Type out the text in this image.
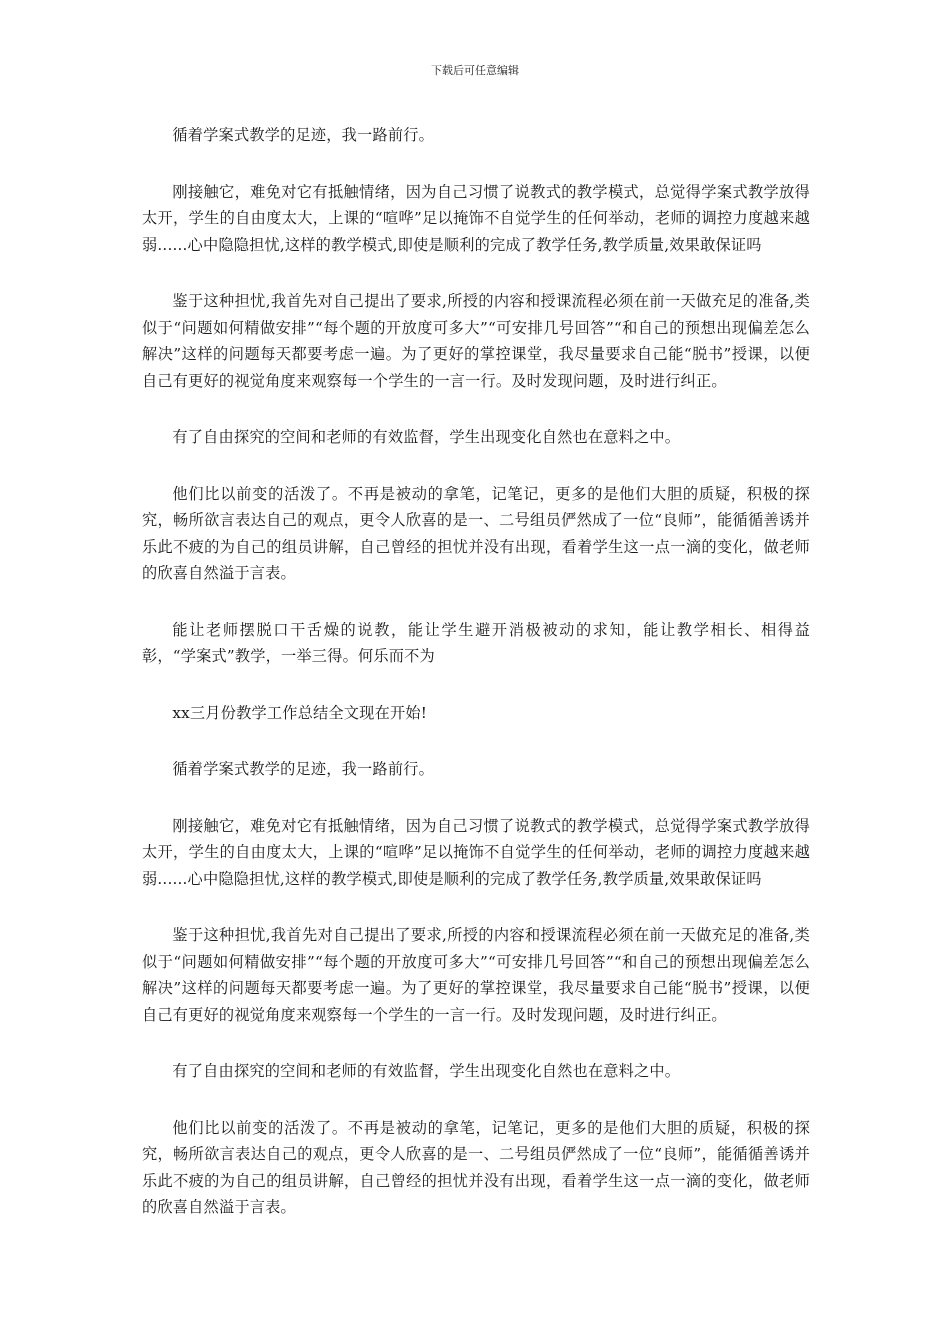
下载后可任意编辑

循着学案式教学的足迹，我一路前行。

刚接触它，难免对它有抵触情绪，因为自己习惯了说教式的教学模式，总觉得学案式教学放得太开，学生的自由度太大，上课的“喧哗”足以掩饰不自觉学生的任何举动，老师的调控力度越来越弱......心中隐隐担忧,这样的教学模式,即使是顺利的完成了教学任务,教学质量,效果敢保证吗

鉴于这种担忧,我首先对自己提出了要求,所授的内容和授课流程必须在前一天做充足的准备,类似于“问题如何精做安排”“每个题的开放度可多大”“可安排几号回答”“和自己的预想出现偏差怎么解决”这样的问题每天都要考虑一遍。为了更好的掌控课堂，我尽量要求自己能“脱书”授课，以便自己有更好的视觉角度来观察每一个学生的一言一行。及时发现问题，及时进行纠正。

有了自由探究的空间和老师的有效监督，学生出现变化自然也在意料之中。

他们比以前变的活泼了。不再是被动的拿笔，记笔记，更多的是他们大胆的质疑，积极的探究，畅所欲言表达自己的观点，更令人欣喜的是一、二号组员俨然成了一位“良师”，能循循善诱并乐此不疲的为自己的组员讲解，自己曾经的担忧并没有出现，看着学生这一点一滴的变化，做老师的欣喜自然溢于言表。

能让老师摆脱口干舌燥的说教，能让学生避开消极被动的求知，能让教学相长、相得益彰，“学案式”教学，一举三得。何乐而不为

xx三月份教学工作总结全文现在开始!

循着学案式教学的足迹，我一路前行。

刚接触它，难免对它有抵触情绪，因为自己习惯了说教式的教学模式，总觉得学案式教学放得太开，学生的自由度太大，上课的“喧哗”足以掩饰不自觉学生的任何举动，老师的调控力度越来越弱......心中隐隐担忧,这样的教学模式,即使是顺利的完成了教学任务,教学质量,效果敢保证吗

鉴于这种担忧,我首先对自己提出了要求,所授的内容和授课流程必须在前一天做充足的准备,类似于“问题如何精做安排”“每个题的开放度可多大”“可安排几号回答”“和自己的预想出现偏差怎么解决”这样的问题每天都要考虑一遍。为了更好的掌控课堂，我尽量要求自己能“脱书”授课，以便自己有更好的视觉角度来观察每一个学生的一言一行。及时发现问题，及时进行纠正。

有了自由探究的空间和老师的有效监督，学生出现变化自然也在意料之中。

他们比以前变的活泼了。不再是被动的拿笔，记笔记，更多的是他们大胆的质疑，积极的探究，畅所欲言表达自己的观点，更令人欣喜的是一、二号组员俨然成了一位“良师”，能循循善诱并乐此不疲的为自己的组员讲解，自己曾经的担忧并没有出现，看着学生这一点一滴的变化，做老师的欣喜自然溢于言表。
